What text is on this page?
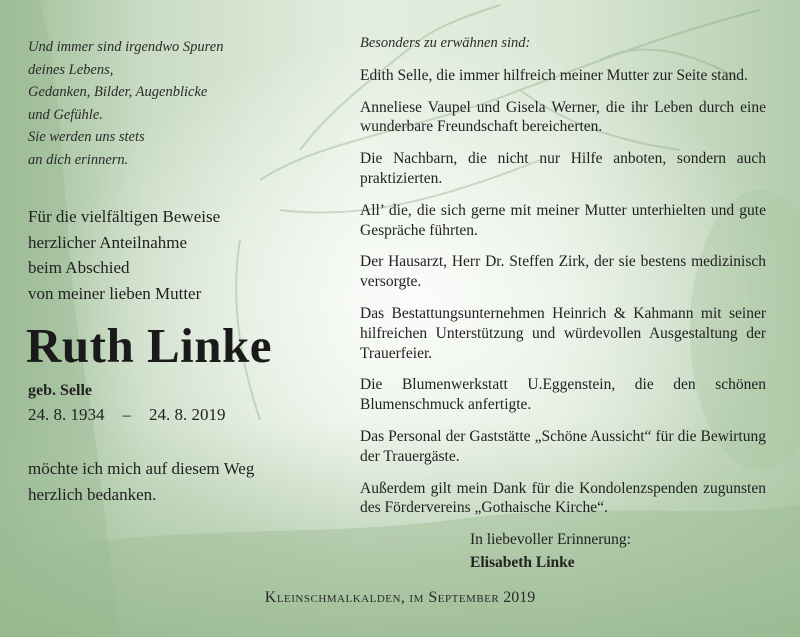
Und immer sind irgendwo Spuren
deines Lebens,
Gedanken, Bilder, Augenblicke
und Gefühle.
Sie werden uns stets
an dich erinnern.
Für die vielfältigen Beweise
herzlicher Anteilnahme
beim Abschied
von meiner lieben Mutter
Ruth Linke
geb. Selle
24. 8. 1934 – 24. 8. 2019
möchte ich mich auf diesem Weg
herzlich bedanken.
Besonders zu erwähnen sind:
Edith Selle, die immer hilfreich meiner Mutter zur Seite stand.
Anneliese Vaupel und Gisela Werner, die ihr Leben durch eine wunderbare Freundschaft bereicherten.
Die Nachbarn, die nicht nur Hilfe anboten, sondern auch praktizierten.
All’ die, die sich gerne mit meiner Mutter unterhielten und gute Gespräche führten.
Der Hausarzt, Herr Dr. Steffen Zirk, der sie bestens medizinisch versorgte.
Das Bestattungsunternehmen Heinrich & Kahmann mit seiner hilfreichen Unterstützung und würdevollen Ausgestaltung der Trauerfeier.
Die Blumenwerkstatt U.Eggenstein, die den schönen Blumenschmuck anfertigte.
Das Personal der Gaststätte „Schöne Aussicht“ für die Bewirtung der Trauergäste.
Außerdem gilt mein Dank für die Kondolenzspenden zugunsten des Fördervereins „Gothaische Kirche“.
In liebevoller Erinnerung:
Elisabeth Linke
Kleinschmalkalden, im September 2019
